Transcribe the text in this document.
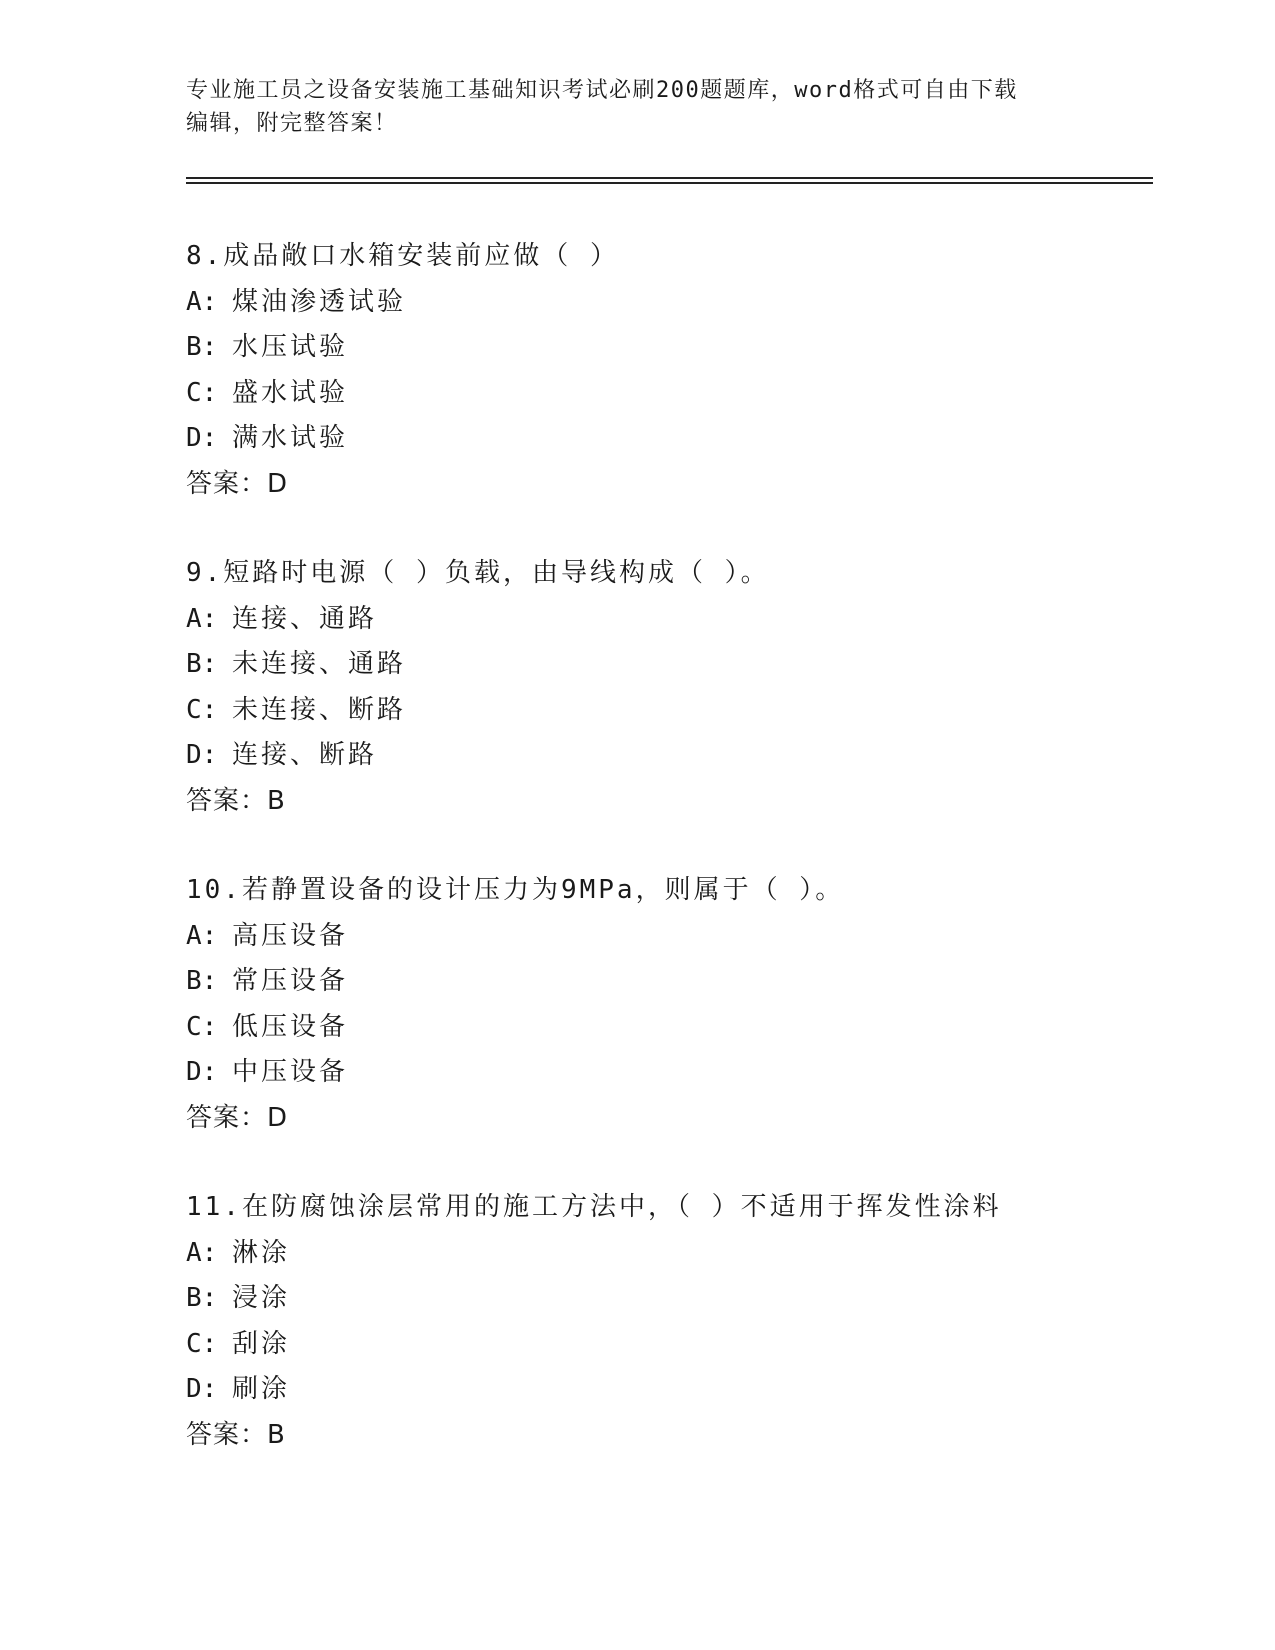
专业施工员之设备安装施工基础知识考试必刷200题题库，word格式可自由下载
编辑，附完整答案！
8.成品敞口水箱安装前应做（ ）
A: 煤油渗透试验
B: 水压试验
C: 盛水试验
D: 满水试验
答案：D
9.短路时电源（ ）负载，由导线构成（ ）。
A: 连接、通路
B: 未连接、通路
C: 未连接、断路
D: 连接、断路
答案：B
10.若静置设备的设计压力为9MPa，则属于（ ）。
A: 高压设备
B: 常压设备
C: 低压设备
D: 中压设备
答案：D
11.在防腐蚀涂层常用的施工方法中，（ ）不适用于挥发性涂料
A: 淋涂
B: 浸涂
C: 刮涂
D: 刷涂
答案：B
